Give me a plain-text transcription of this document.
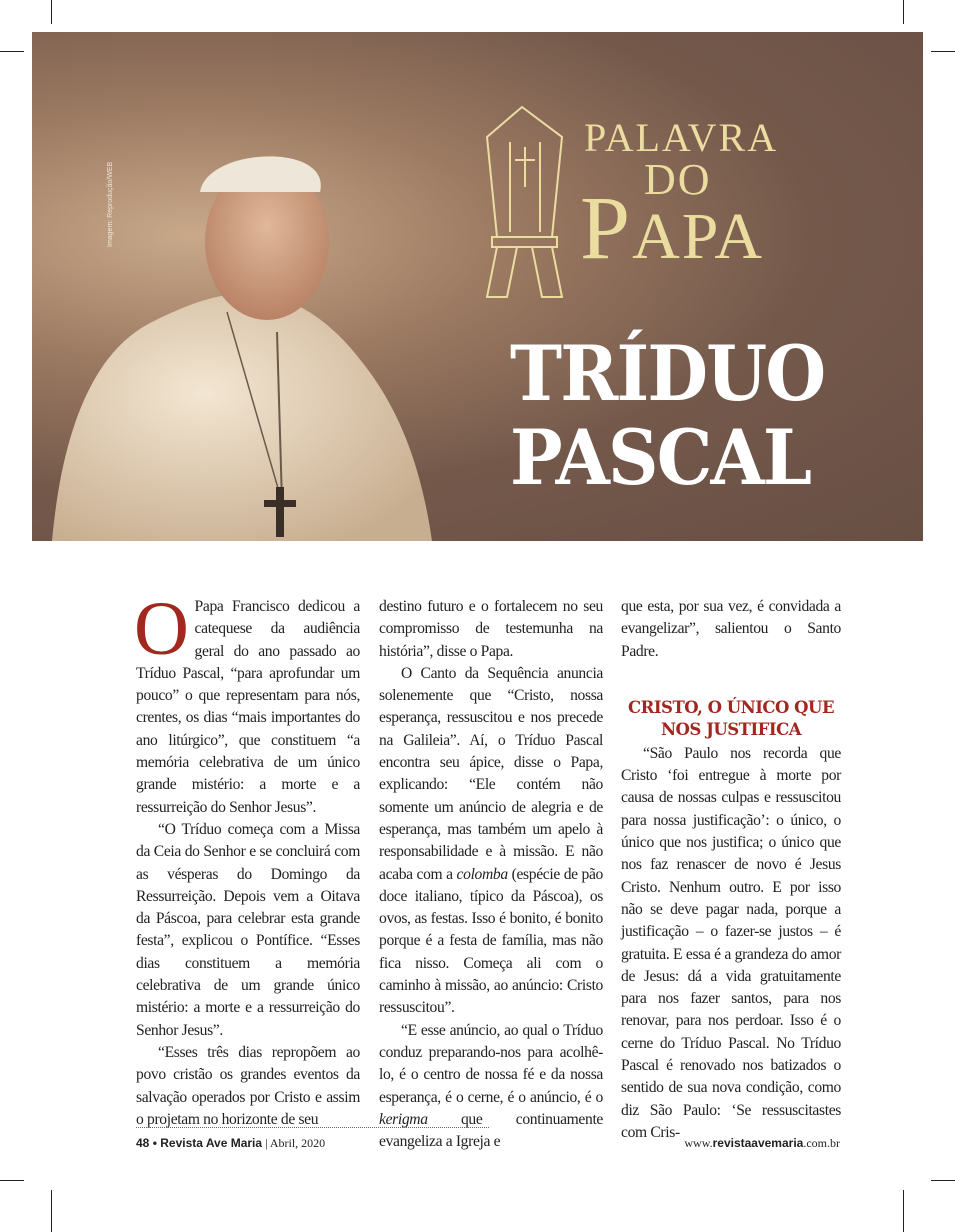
Imagem: Reprodução/WEB
PALAVRA
DO
PAPA
TRÍDUO
PASCAL

O Papa Francisco dedicou a catequese da audiência geral do ano passado ao Tríduo Pascal, “para aprofundar um pouco” o que representam para nós, crentes, os dias “mais importantes do ano litúrgico”, que constituem “a memória celebrativa de um único grande mistério: a morte e a ressurreição do Senhor Jesus”.

“O Tríduo começa com a Missa da Ceia do Senhor e se concluirá com as vésperas do Domingo da Ressurreição. Depois vem a Oitava da Páscoa, para celebrar esta grande festa”, explicou o Pontífice. “Esses dias constituem a memória celebrativa de um grande único mistério: a morte e a ressurreição do Senhor Jesus”.

“Esses três dias repropõem ao povo cristão os grandes eventos da salvação operados por Cristo e assim o projetam no horizonte de seu

destino futuro e o fortalecem no seu compromisso de testemunha na história”, disse o Papa.

O Canto da Sequência anuncia solenemente que “Cristo, nossa esperança, ressuscitou e nos precede na Galileia”. Aí, o Tríduo Pascal encontra seu ápice, disse o Papa, explicando: “Ele contém não somente um anúncio de alegria e de esperança, mas também um apelo à responsabilidade e à missão. E não acaba com a colomba (espécie de pão doce italiano, típico da Páscoa), os ovos, as festas. Isso é bonito, é bonito porque é a festa de família, mas não fica nisso. Começa ali com o caminho à missão, ao anúncio: Cristo ressuscitou”.

“E esse anúncio, ao qual o Tríduo conduz preparando-nos para acolhê-lo, é o centro de nossa fé e da nossa esperança, é o cerne, é o anúncio, é o kerigma que continuamente evangeliza a Igreja e

que esta, por sua vez, é convidada a evangelizar”, salientou o Santo Padre.

CRISTO, O ÚNICO QUE NOS JUSTIFICA

“São Paulo nos recorda que Cristo ‘foi entregue à morte por causa de nossas culpas e ressuscitou para nossa justificação’: o único, o único que nos justifica; o único que nos faz renascer de novo é Jesus Cristo. Nenhum outro. E por isso não se deve pagar nada, porque a justificação – o fazer-se justos – é gratuita. E essa é a grandeza do amor de Jesus: dá a vida gratuitamente para nos fazer santos, para nos renovar, para nos perdoar. Isso é o cerne do Tríduo Pascal. No Tríduo Pascal é renovado nos batizados o sentido de sua nova condição, como diz São Paulo: ‘Se ressuscitastes com Cris-

48 • Revista Ave Maria | Abril, 2020	www.revistaavemaria.com.br
